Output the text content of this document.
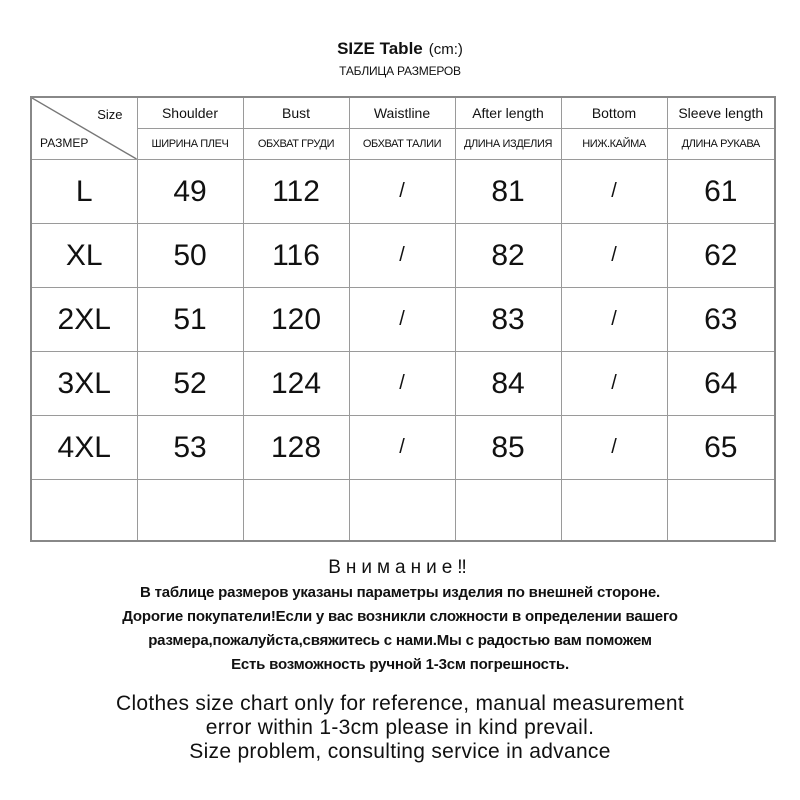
SIZE Table (cm:)
ТАБЛИЦА РАЗМЕРОВ
Size
РАЗМЕР	Shoulder	Bust	Waistline	After length	Bottom	Sleeve length
	ШИРИНА ПЛЕЧ	ОБХВАТ ГРУДИ	ОБХВАТ ТАЛИИ	ДЛИНА ИЗДЕЛИЯ	НИЖ.КАЙМА	ДЛИНА РУКАВА
L	49	112	/	81	/	61
XL	50	116	/	82	/	62
2XL	51	120	/	83	/	63
3XL	52	124	/	84	/	64
4XL	53	128	/	85	/	65

Внимание‼
В таблице размеров указаны параметры изделия по внешней стороне.
Дорогие покупатели!Если у вас возникли сложности в определении вашего
размера,пожалуйста,свяжитесь с нами.Мы с радостью вам поможем
Есть возможность ручной 1-3см погрешность.
Clothes size chart only for reference, manual measurement
error within 1-3cm please in kind prevail.
Size problem, consulting service in advance
